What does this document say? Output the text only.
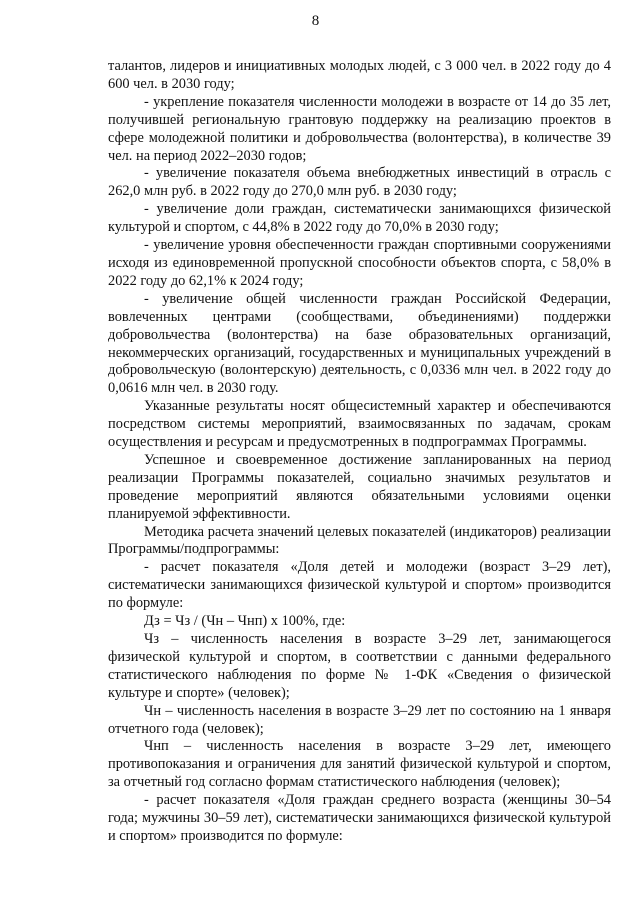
8

талантов, лидеров и инициативных молодых людей, с 3 000 чел. в 2022 году до 4 600 чел. в 2030 году;

- укрепление показателя численности молодежи в возрасте от 14 до 35 лет, получившей региональную грантовую поддержку на реализацию проектов в сфере молодежной политики и добровольчества (волонтерства), в количестве 39 чел. на период 2022–2030 годов;

- увеличение показателя объема внебюджетных инвестиций в отрасль с 262,0 млн руб. в 2022 году до 270,0 млн руб. в 2030 году;

- увеличение доли граждан, систематически занимающихся физической культурой и спортом, с 44,8% в 2022 году до 70,0% в 2030 году;

- увеличение уровня обеспеченности граждан спортивными сооружениями исходя из единовременной пропускной способности объектов спорта, с 58,0% в 2022 году до 62,1% к 2024 году;

- увеличение общей численности граждан Российской Федерации, вовлеченных центрами (сообществами, объединениями) поддержки добровольчества (волонтерства) на базе образовательных организаций, некоммерческих организаций, государственных и муниципальных учреждений в добровольческую (волонтерскую) деятельность, с 0,0336 млн чел. в 2022 году до 0,0616 млн чел. в 2030 году.

Указанные результаты носят общесистемный характер и обеспечиваются посредством системы мероприятий, взаимосвязанных по задачам, срокам осуществления и ресурсам и предусмотренных в подпрограммах Программы.

Успешное и своевременное достижение запланированных на период реализации Программы показателей, социально значимых результатов и проведение мероприятий являются обязательными условиями оценки планируемой эффективности.

Методика расчета значений целевых показателей (индикаторов) реализации Программы/подпрограммы:

- расчет показателя «Доля детей и молодежи (возраст 3–29 лет), систематически занимающихся физической культурой и спортом» производится по формуле:

Дз = Чз / (Чн – Чнп) х 100%, где:

Чз – численность населения в возрасте 3–29 лет, занимающегося физической культурой и спортом, в соответствии с данными федерального статистического наблюдения по форме № 1-ФК «Сведения о физической культуре и спорте» (человек);

Чн – численность населения в возрасте 3–29 лет по состоянию на 1 января отчетного года (человек);

Чнп – численность населения в возрасте 3–29 лет, имеющего противопоказания и ограничения для занятий физической культурой и спортом, за отчетный год согласно формам статистического наблюдения (человек);

- расчет показателя «Доля граждан среднего возраста (женщины 30–54 года; мужчины 30–59 лет), систематически занимающихся физической культурой и спортом» производится по формуле:
